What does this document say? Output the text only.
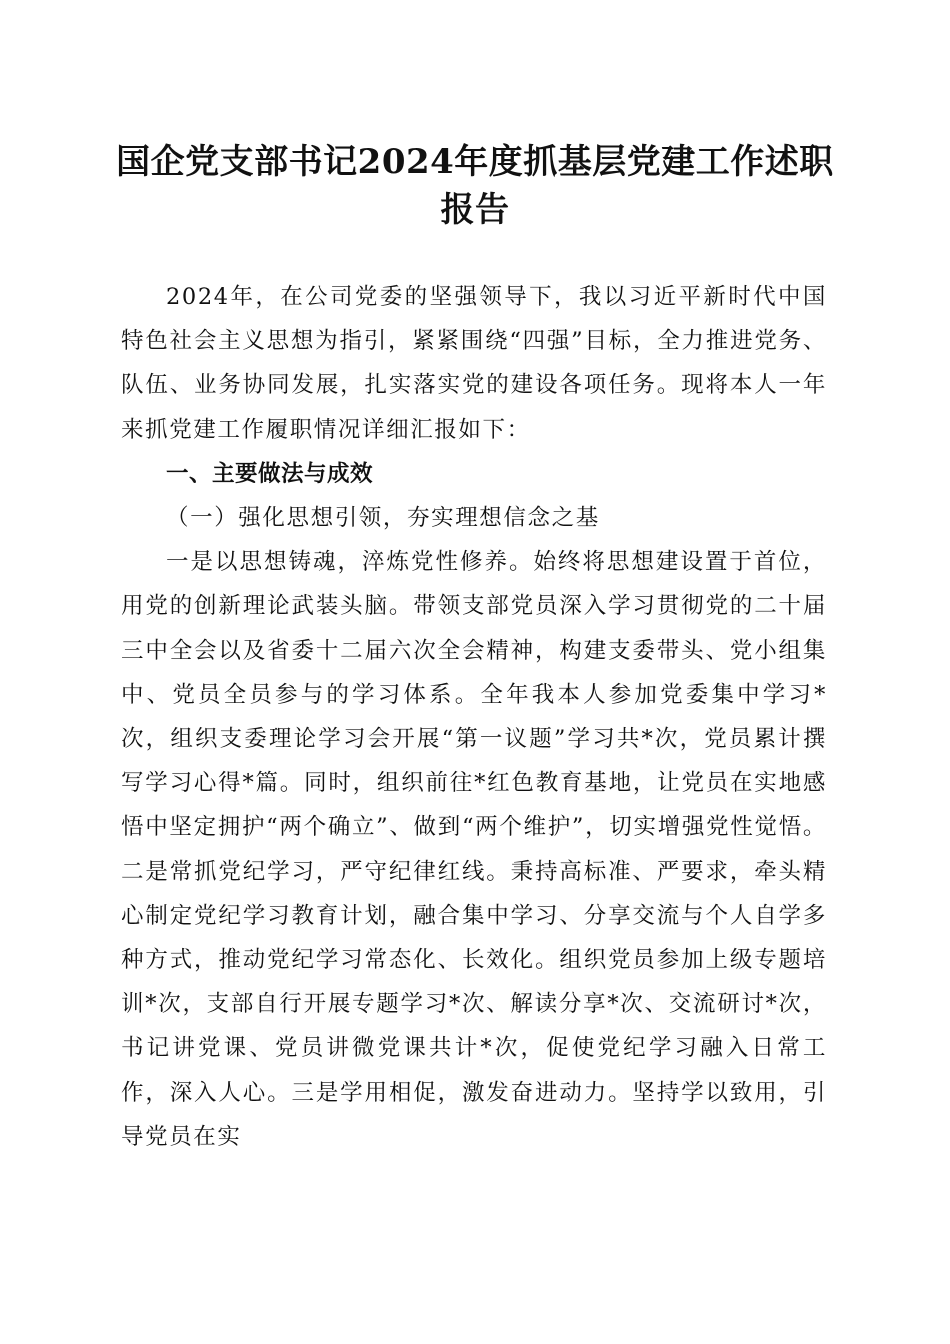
国企党支部书记2024年度抓基层党建工作述职报告

2024年，在公司党委的坚强领导下，我以习近平新时代中国特色社会主义思想为指引，紧紧围绕“四强”目标，全力推进党务、队伍、业务协同发展，扎实落实党的建设各项任务。现将本人一年来抓党建工作履职情况详细汇报如下：

一、主要做法与成效

（一）强化思想引领，夯实理想信念之基

一是以思想铸魂，淬炼党性修养。始终将思想建设置于首位，用党的创新理论武装头脑。带领支部党员深入学习贯彻党的二十届三中全会以及省委十二届六次全会精神，构建支委带头、党小组集中、党员全员参与的学习体系。全年我本人参加党委集中学习*次，组织支委理论学习会开展“第一议题”学习共*次，党员累计撰写学习心得*篇。同时，组织前往*红色教育基地，让党员在实地感悟中坚定拥护“两个确立”、做到“两个维护”，切实增强党性觉悟。二是常抓党纪学习，严守纪律红线。秉持高标准、严要求，牵头精心制定党纪学习教育计划，融合集中学习、分享交流与个人自学多种方式，推动党纪学习常态化、长效化。组织党员参加上级专题培训*次，支部自行开展专题学习*次、解读分享*次、交流研讨*次，书记讲党课、党员讲微党课共计*次，促使党纪学习融入日常工作，深入人心。三是学用相促，激发奋进动力。坚持学以致用，引导党员在实
